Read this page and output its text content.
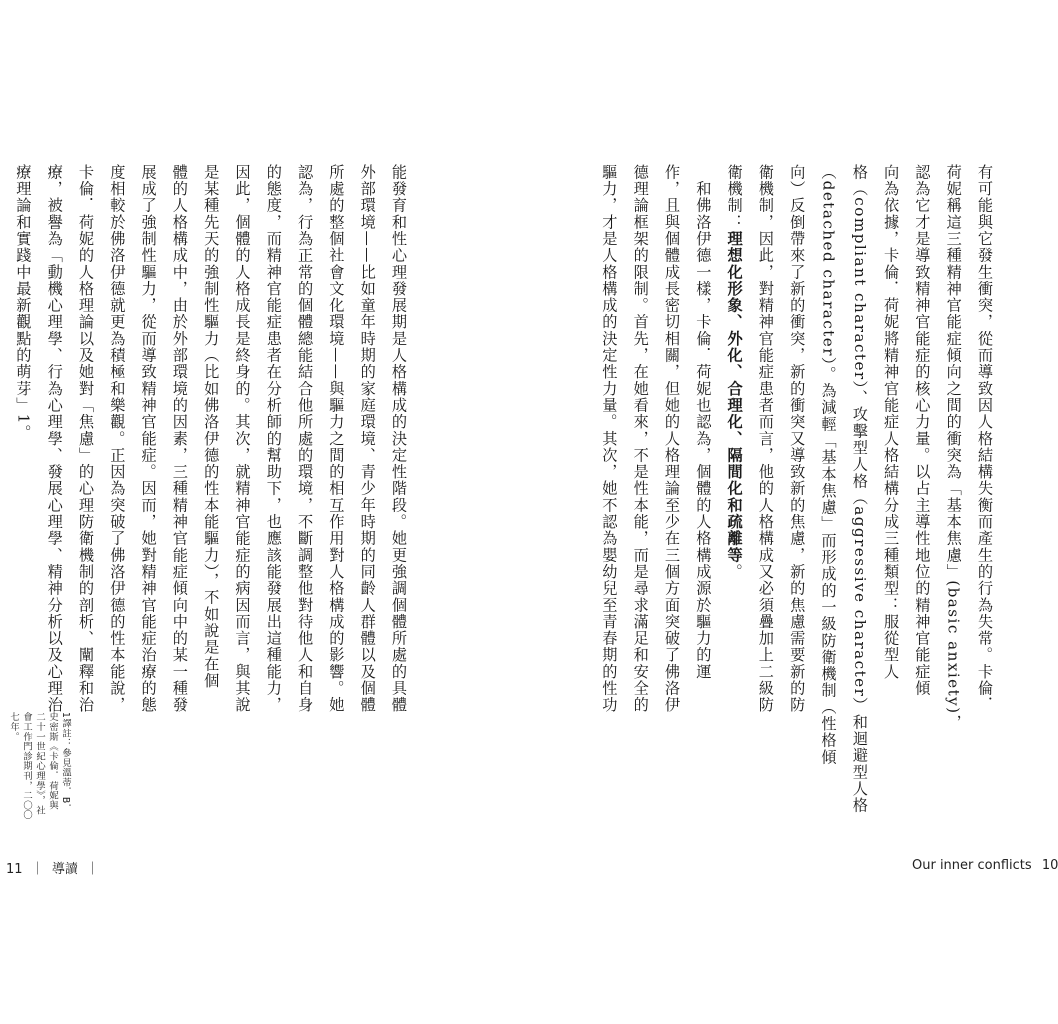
有可能與它發生衝突，從而導致因人格結構失衡而產生的行為失常。卡倫．
荷妮稱這三種精神官能症傾向之間的衝突為「基本焦慮」(basic anxiety)，
認為它才是導致精神官能症的核心力量。以占主導性地位的精神官能症傾
向為依據，卡倫．荷妮將精神官能症人格結構分成三種類型：服從型人
格（compliant character）、攻擊型人格（aggressive character）和迴避型人格
（detached character）。為減輕「基本焦慮」而形成的一級防衛機制（性格傾
向）反倒帶來了新的衝突，新的衝突又導致新的焦慮，新的焦慮需要新的防
衛機制，因此，對精神官能症患者而言，他的人格構成又必須疊加上二級防
衛機制：理想化形象、外化、合理化、隔間化和疏離等。
　和佛洛伊德一樣，卡倫．荷妮也認為，個體的人格構成源於驅力的運
作，且與個體成長密切相關，但她的人格理論至少在三個方面突破了佛洛伊
德理論框架的限制。首先，在她看來，不是性本能，而是尋求滿足和安全的
驅力，才是人格構成的決定性力量。其次，她不認為嬰幼兒至青春期的性功
能發育和性心理發展期是人格構成的決定性階段。她更強調個體所處的具體
外部環境——比如童年時期的家庭環境、青少年時期的同齡人群體以及個體
所處的整個社會文化環境——與驅力之間的相互作用對人格構成的影響。她
認為，行為正常的個體總能結合他所處的環境，不斷調整他對待他人和自身
的態度，而精神官能症患者在分析師的幫助下，也應該能發展出這種能力，
因此，個體的人格成長是終身的。其次，就精神官能症的病因而言，與其說
是某種先天的強制性驅力（比如佛洛伊德的性本能驅力），不如說是在個
體的人格構成中，由於外部環境的因素，三種精神官能症傾向中的某一種發
展成了強制性驅力，從而導致精神官能症。因而，她對精神官能症治療的態
度相較於佛洛伊德就更為積極和樂觀。正因為突破了佛洛伊德的性本能說，
卡倫．荷妮的人格理論以及她對「焦慮」的心理防衛機制的剖析、闡釋和治
療，被譽為「動機心理學、行為心理學、發展心理學、精神分析以及心理治
療理論和實踐中最新觀點的萌芽」1。
1譯註：參見溫蒂．B．
史密斯《卡倫．荷妮與
二十一世紀心理學》，社
會工作門診期刊，二〇〇
七年。
11 ｜ 導讀 ｜	Our inner conflicts 10
